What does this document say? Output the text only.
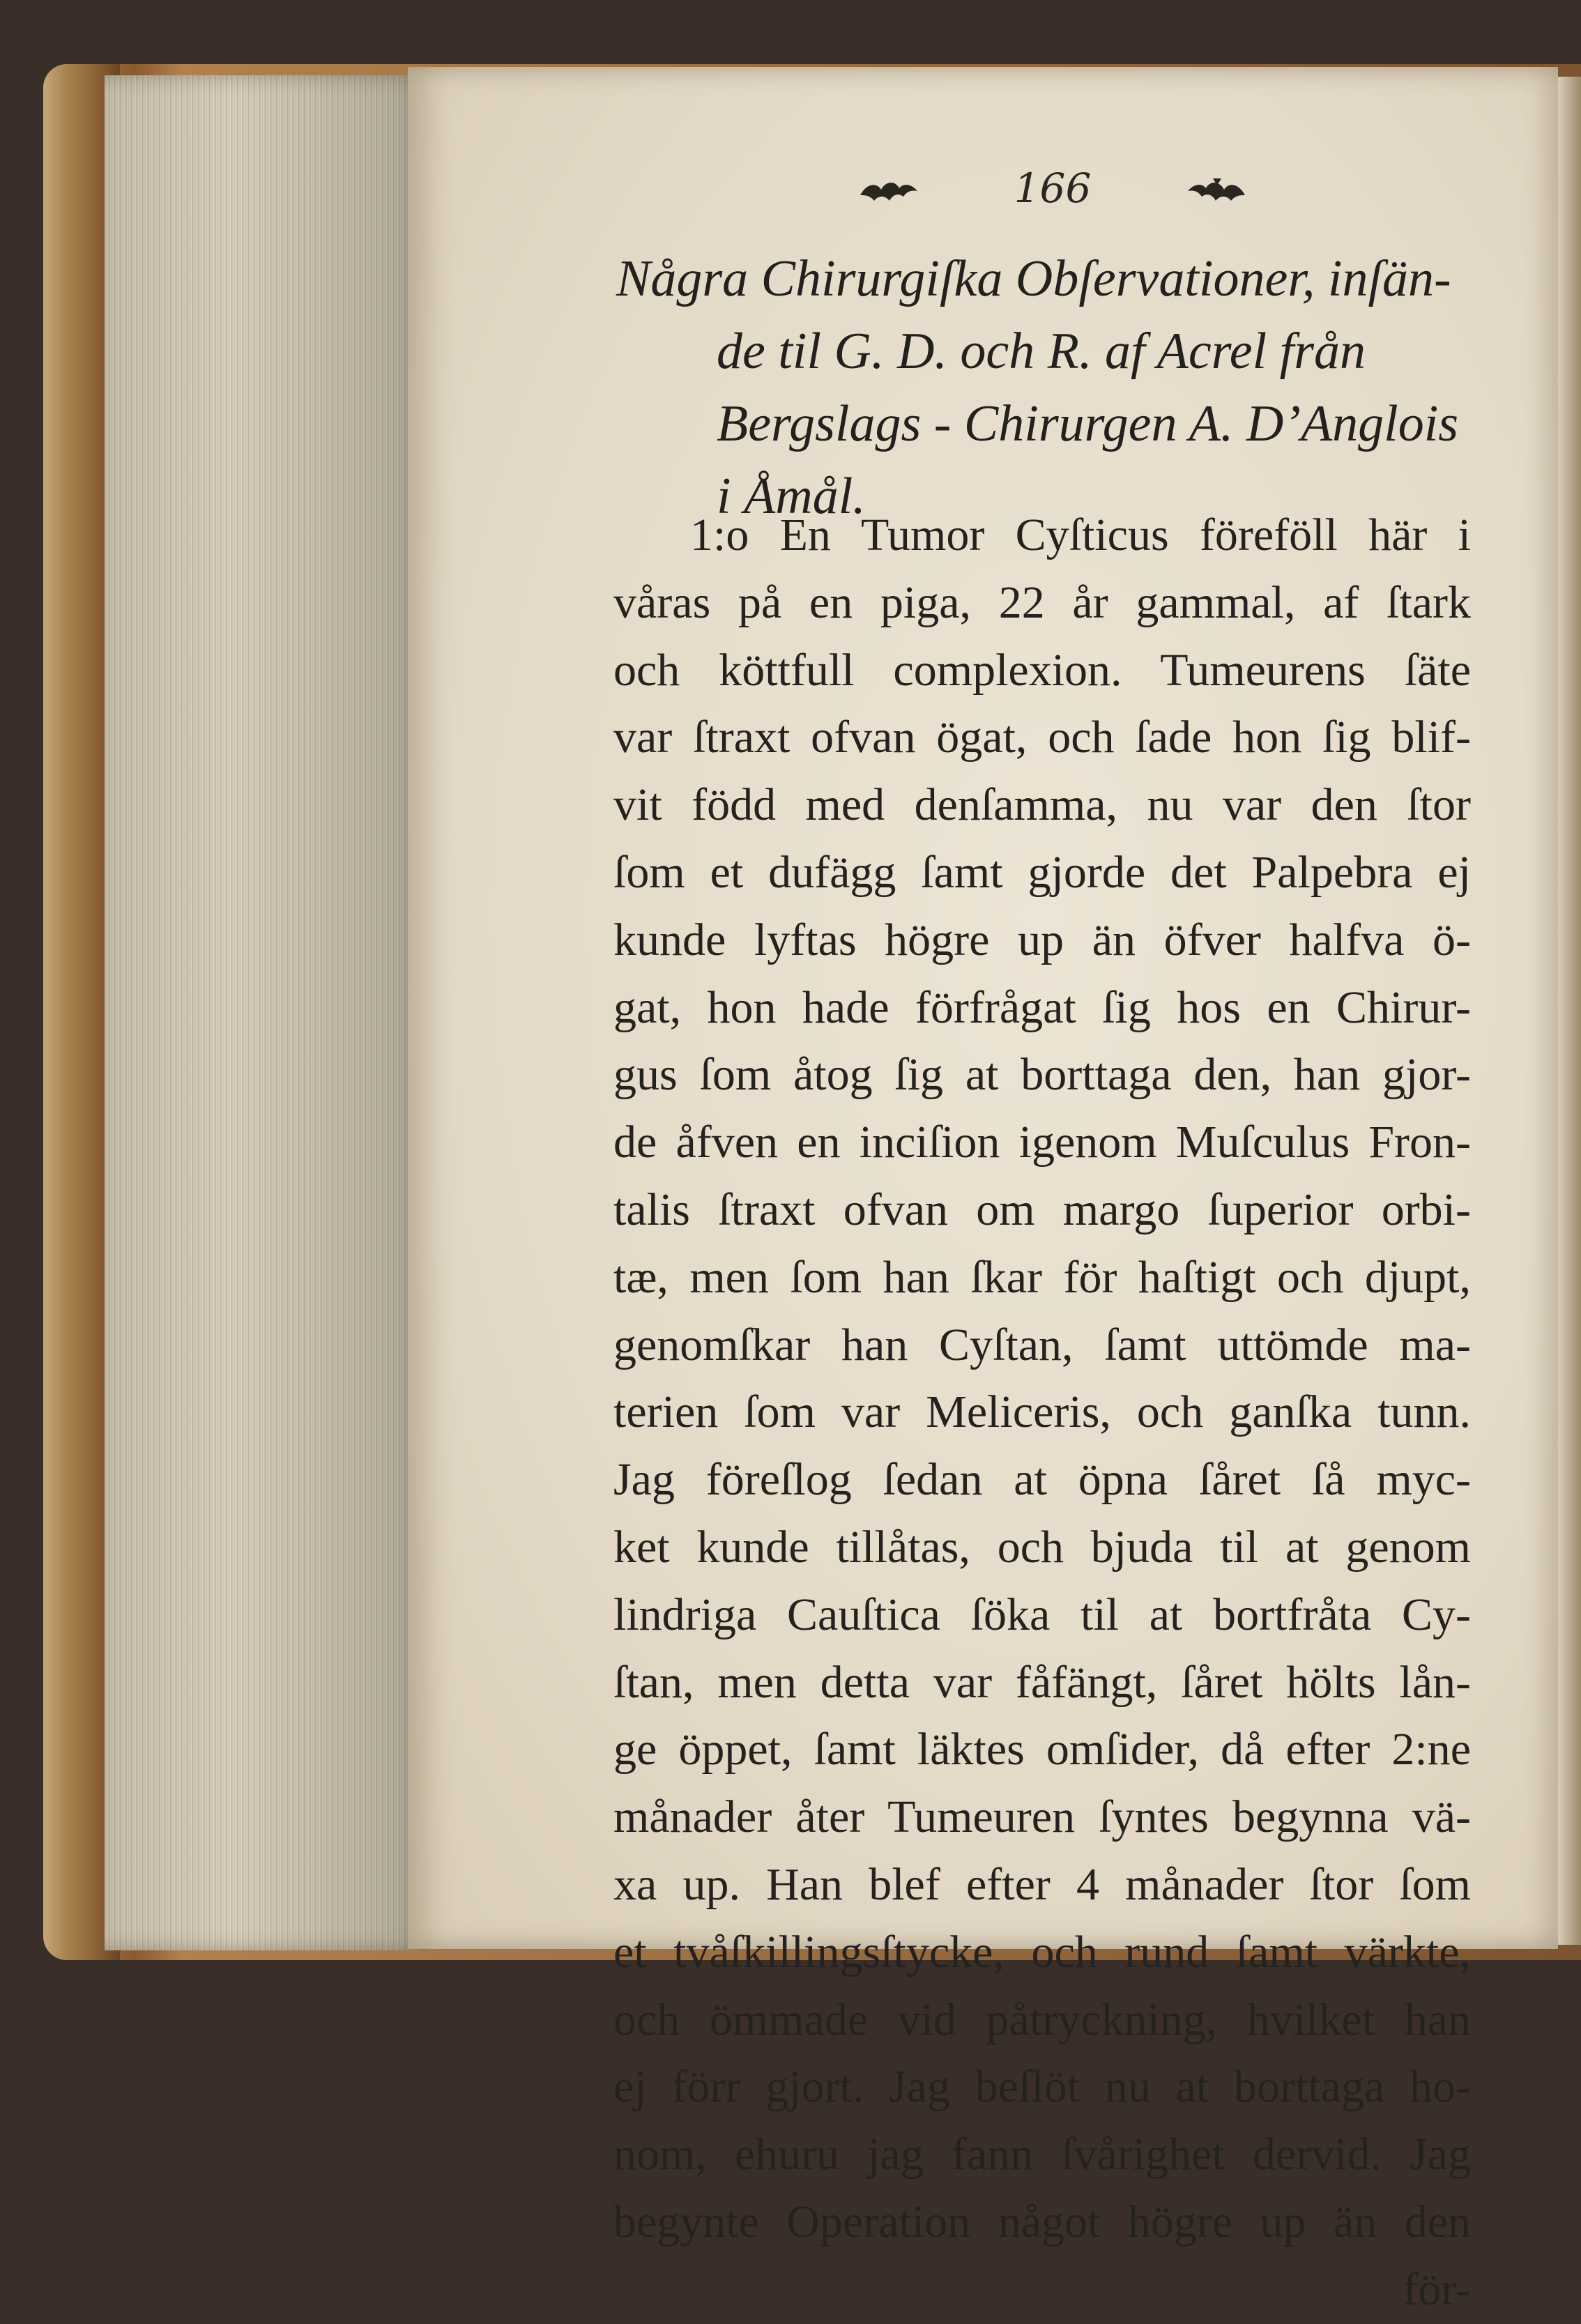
166
Några Chirurgiſka Obſervationer, inſän-
de til G. D. och R. af Acrel från
Bergslags - Chirurgen A. D’Anglois
i Åmål.
1:o En Tumor Cyſticus föreföll här i
våras på en piga, 22 år gammal, af ſtark
och köttfull complexion. Tumeurens ſäte
var ſtraxt ofvan ögat, och ſade hon ſig blif-
vit född med denſamma, nu var den ſtor
ſom et dufägg ſamt gjorde det Palpebra ej
kunde lyftas högre up än öfver halfva ö-
gat, hon hade förfrågat ſig hos en Chirur-
gus ſom åtog ſig at borttaga den, han gjor-
de åfven en inciſion igenom Muſculus Fron-
talis ſtraxt ofvan om margo ſuperior orbi-
tæ, men ſom han ſkar för haſtigt och djupt,
genomſkar han Cyſtan, ſamt uttömde ma-
terien ſom var Meliceris, och ganſka tunn.
Jag föreſlog ſedan at öpna ſåret ſå myc-
ket kunde tillåtas, och bjuda til at genom
lindriga Cauſtica ſöka til at bortfråta Cy-
ſtan, men detta var fåfängt, ſåret hölts lån-
ge öppet, ſamt läktes omſider, då efter 2:ne
månader åter Tumeuren ſyntes begynna vä-
xa up. Han blef efter 4 månader ſtor ſom
et tvåſkillingsſtycke, och rund ſamt värkte,
och ömmade vid påtryckning, hvilket han
ej förr gjort. Jag beſlöt nu at borttaga ho-
nom, ehuru jag fann ſvårighet dervid. Jag
begynte Operation något högre up än den
för-
